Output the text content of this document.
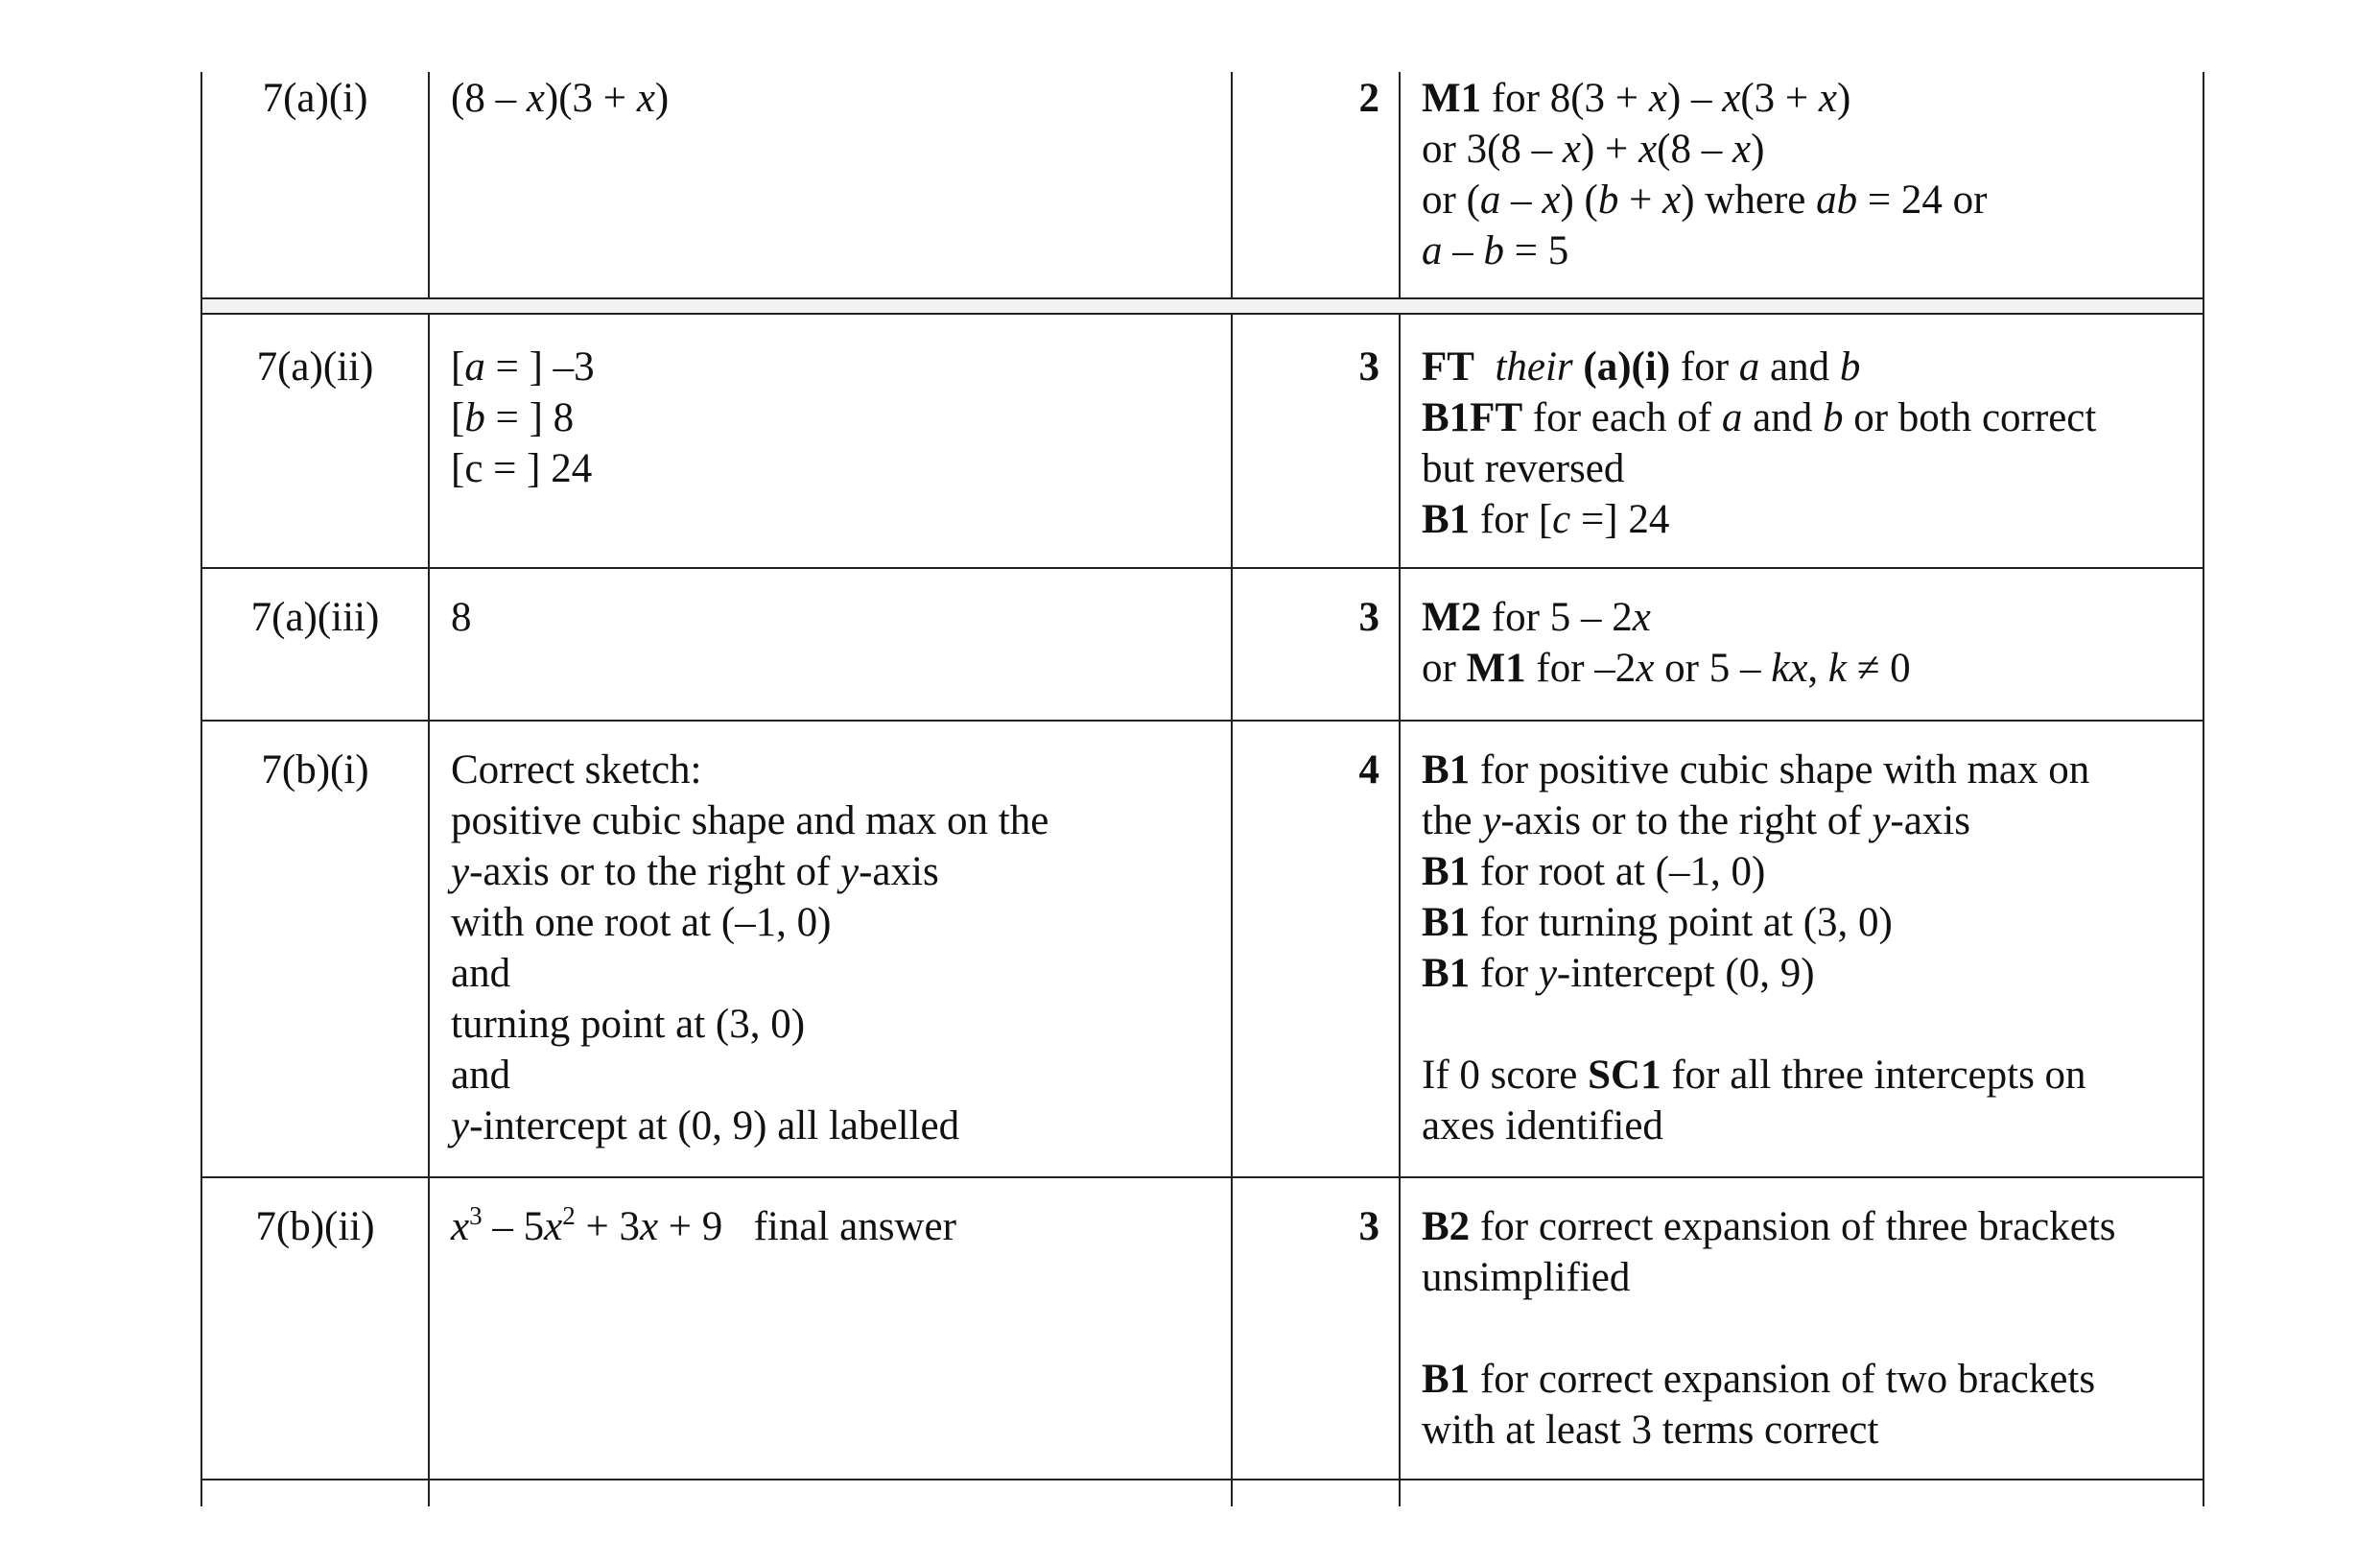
7(a)(i)	(8 – x)(3 + x)	2 M1 for 8(3 + x) – x(3 + x)
or 3(8 – x) + x(8 – x)
or (a – x) (b + x) where ab = 24 or
a – b = 5
7(a)(ii)	[a = ] –3
[b = ] 8
[c = ] 24
3 FT their (a)(i) for a and b
B1FT for each of a and b or both correct
but reversed
B1 for [c =] 24
7(a)(iii)	8	3 M2 for 5 – 2x
or M1 for –2x or 5 – kx, k ≠ 0
7(b)(i)	Correct sketch:
positive cubic shape and max on the
y-axis or to the right of y-axis
with one root at (–1, 0)
and
turning point at (3, 0)
and
y-intercept at (0, 9) all labelled
4 B1 for positive cubic shape with max on
the y-axis or to the right of y-axis
B1 for root at (–1, 0)
B1 for turning point at (3, 0)
B1 for y-intercept (0, 9)
If 0 score SC1 for all three intercepts on
axes identified
7(b)(ii)	$x^3 - 5x^2 + 3x + 9$   final answer	3 B2 for correct expansion of three brackets
unsimplified
B1 for correct expansion of two brackets
with at least 3 terms correct
